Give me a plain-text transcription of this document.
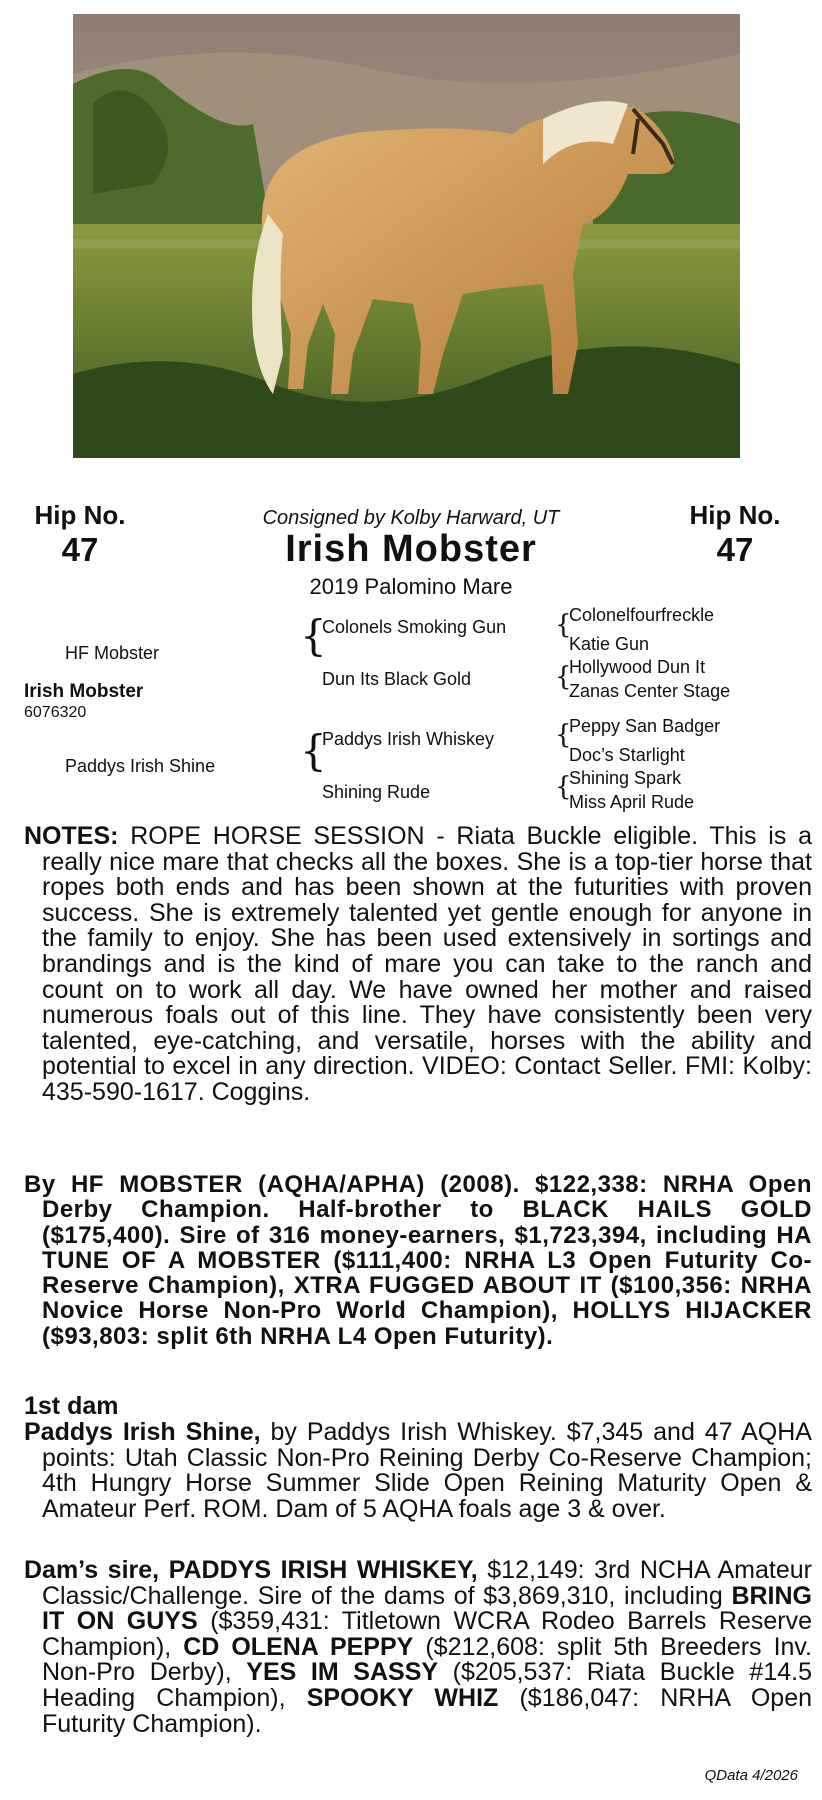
Hip No.
47
Hip No.
47
Consigned by Kolby Harward, UT
Irish Mobster
2019 Palomino Mare
HF Mobster
Irish Mobster
6076320
Paddys Irish Shine
{
Colonels Smoking Gun
Dun Its Black Gold
{
Paddys Irish Whiskey
Shining Rude
{
Colonelfourfreckle
Katie Gun
{
Hollywood Dun It
Zanas Center Stage
{
Peppy San Badger
Doc’s Starlight
{
Shining Spark
Miss April Rude
NOTES: ROPE HORSE SESSION - Riata Buckle eligible. This is a really nice mare that checks all the boxes. She is a top-tier horse that ropes both ends and has been shown at the futurities with proven success. She is extremely talented yet gentle enough for anyone in the family to enjoy. She has been used extensively in sortings and brandings and is the kind of mare you can take to the ranch and count on to work all day. We have owned her mother and raised numerous foals out of this line. They have consistently been very talented, eye-catching, and versatile, horses with the ability and potential to excel in any direction. VIDEO: Contact Seller. FMI: Kolby: 435-590-1617. Coggins.
By HF MOBSTER (AQHA/APHA) (2008). $122,338: NRHA Open Derby Champion. Half-brother to BLACK HAILS GOLD ($175,400). Sire of 316 money-earners, $1,723,394, including HA TUNE OF A MOBSTER ($111,400: NRHA L3 Open Futurity Co-Reserve Champion), XTRA FUGGED ABOUT IT ($100,356: NRHA Novice Horse Non-Pro World Champion), HOLLYS HIJACKER ($93,803: split 6th NRHA L4 Open Futurity).
1st dam
Paddys Irish Shine, by Paddys Irish Whiskey. $7,345 and 47 AQHA points: Utah Classic Non-Pro Reining Derby Co-Reserve Champion; 4th Hungry Horse Summer Slide Open Reining Maturity Open & Amateur Perf. ROM. Dam of 5 AQHA foals age 3 & over.
Dam’s sire, PADDYS IRISH WHISKEY, $12,149: 3rd NCHA Amateur Classic/Challenge. Sire of the dams of $3,869,310, including BRING IT ON GUYS ($359,431: Titletown WCRA Rodeo Barrels Reserve Champion), CD OLENA PEPPY ($212,608: split 5th Breeders Inv. Non-Pro Derby), YES IM SASSY ($205,537: Riata Buckle #14.5 Heading Champion), SPOOKY WHIZ ($186,047: NRHA Open Futurity Champion).
QData 4/2026
